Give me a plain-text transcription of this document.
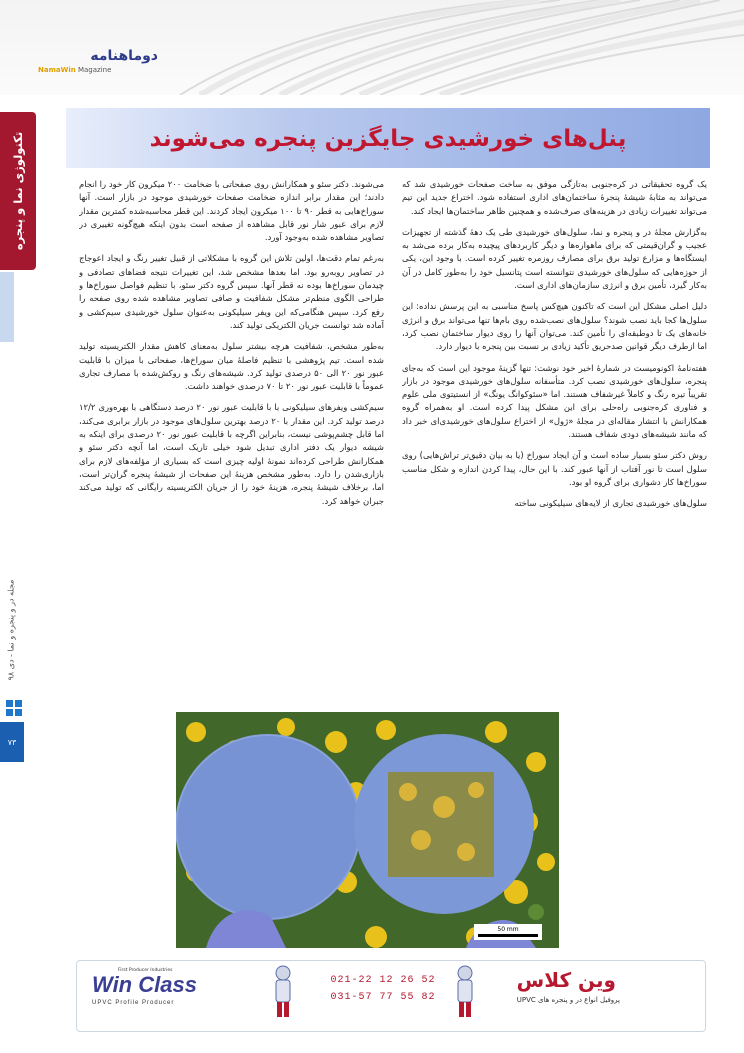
دوماهنامه
NamaWin Magazine
تکنولوژی نما و پنجره	پنل‌های خورشیدی جایگزین پنجره می‌شوند

یک گروه تحقیقاتی در کره‌جنوبی به‌تازگی موفق به ساخت صفحات خورشیدی شد که می‌تواند به مثابهٔ شیشهٔ پنجرهٔ ساختمان‌های اداری استفاده شود. اختراع جدید این تیم می‌تواند تغییرات زیادی در هزینه‌های صرف‌شده و همچنین ظاهر ساختمان‌ها ایجاد کند.

به‌گزارش مجلهٔ در و پنجره و نما، سلول‌های خورشیدی طی یک دههٔ گذشته از تجهیزات عجیب و گران‌قیمتی که برای ماهواره‌ها و دیگر کاربردهای پیچیده به‌کار برده می‌شد به ایستگاه‌ها و مزارع تولید برق برای مصارف روزمره تغییر کرده است. با وجود این، یکی از حوزه‌هایی که سلول‌های خورشیدی نتوانسته است پتانسیل خود را به‌طور کامل در آن به‌کار گیرد، تأمین برق و انرژی سازمان‌های اداری است.

دلیل اصلی مشکل این است که تاکنون هیچ‌کس پاسخ مناسبی به این پرسش نداده: این سلول‌ها کجا باید نصب شوند؟ سلول‌های نصب‌شده روی بام‌ها تنها می‌تواند برق و انرژی خانه‌های یک تا دوطبقه‌ای را تأمین کند. می‌توان آنها را روی دیوار ساختمان نصب کرد، اما ازطرف دیگر قوانین صدحریق تأکید زیادی بر نسبت بین پنجره با دیوار دارد.

هفته‌نامهٔ اکونومیست در شمارهٔ اخیر خود نوشت: تنها گزینهٔ موجود این است که به‌جای پنجره، سلول‌های خورشیدی نصب کرد. متأسفانه سلول‌های خورشیدی موجود در بازار تقریباً تیره رنگ و کاملاً غیرشفاف هستند. اما «سئوکوانگ یونگ» از انستیتوی ملی علوم و فناوری کره‌جنوبی راه‌حلی برای این مشکل پیدا کرده است. او به‌همراه گروه همکارانش با انتشار مقاله‌ای در مجلهٔ «ژول» از اختراع سلول‌های خورشیدی‌ای خبر داد که مانند شیشه‌های دودی شفاف هستند.

روش دکتر سئو بسیار ساده است و آن ایجاد سوراخ (یا به بیان دقیق‌تر تراش‌هایی) روی سلول است تا نور آفتاب از آنها عبور کند. با این حال، پیدا کردن اندازه و شکل مناسب سوراخ‌ها کار دشواری برای گروه او بود.

سلول‌های خورشیدی تجاری از لایه‌های سیلیکونی ساخته

می‌شوند. دکتر سئو و همکارانش روی صفحاتی با ضخامت ۲۰۰ میکرون کار خود را انجام دادند؛ این مقدار برابر اندازه ضخامت صفحات خورشیدی موجود در بازار است. آنها سوراخ‌هایی به قطر ۹۰ تا ۱۰۰ میکرون ایجاد کردند. این قطر محاسبه‌شده کمترین مقدار لازم برای عبور شار نور قابل مشاهده از صفحه است بدون اینکه هیچ‌گونه تغییری در تصاویر مشاهده شده به‌وجود آورد.

به‌رغم تمام دقت‌ها، اولین تلاش این گروه با مشکلاتی از قبیل تغییر رنگ و ایجاد اعوجاج در تصاویر روبه‌رو بود. اما بعدها مشخص شد، این تغییرات نتیجه فضاهای تصادفی و چیدمان سوراخ‌ها بوده نه قطر آنها. سپس گروه دکتر سئو، با تنظیم فواصل سوراخ‌ها و طراحی الگوی منظم‌تر مشکل شفافیت و صافی تصاویر مشاهده شده روی صفحه را رفع کرد. سپس هنگامی‌که این ویفر سیلیکونی به‌عنوان سلول خورشیدی سیم‌کشی و آماده شد توانست جریان الکتریکی تولید کند.

به‌طور مشخص، شفافیت هرچه بیشتر سلول به‌معنای کاهش مقدار الکتریسیته تولید شده است. تیم پژوهشی با تنظیم فاصلهٔ میان سوراخ‌ها، صفحاتی با میزان با قابلیت عبور نور ۲۰ الی ۵۰ درصدی تولید کرد. شیشه‌های رنگ و روکش‌شده با مصارف تجاری عموماً با قابلیت عبور نور ۲۰ تا ۷۰ درصدی خواهند داشت.

سیم‌کشی ویفرهای سیلیکونی با با قابلیت عبور نور ۲۰ درصد دستگاهی با بهره‌وری ۱۲/۲ درصد تولید کرد. این مقدار با ۲۰ درصد بهترین سلول‌های موجود در بازار برابری می‌کند، اما قابل چشم‌پوشی نیست، بنابراین اگرچه با قابلیت عبور نور ۲۰ درصدی برای اینکه به شیشه دیوار یک دفتر اداری تبدیل شود خیلی تاریک است، اما آنچه دکتر سئو و همکارانش طراحی کرده‌اند نمونهٔ اولیه چیزی است که بسیاری از مؤلفه‌های لازم برای بازاری‌شدن را دارد. به‌طور مشخص هزینهٔ این صفحات از شیشهٔ پنجره گران‌تر است، اما، برخلاف شیشهٔ پنجره، هزینهٔ خود را از جریان الکتریسیته رایگانی که تولید می‌کند جبران خواهد کرد.

مجله در و پنجره و نما - دی ۹۸
۷۳
50 mm
First Producer Industries
Win Class
UPVC Profile Producer
021-22 12 26 52
031-57 77 55 82
وین کلاس
پروفیل انواع در و پنجره های UPVC
